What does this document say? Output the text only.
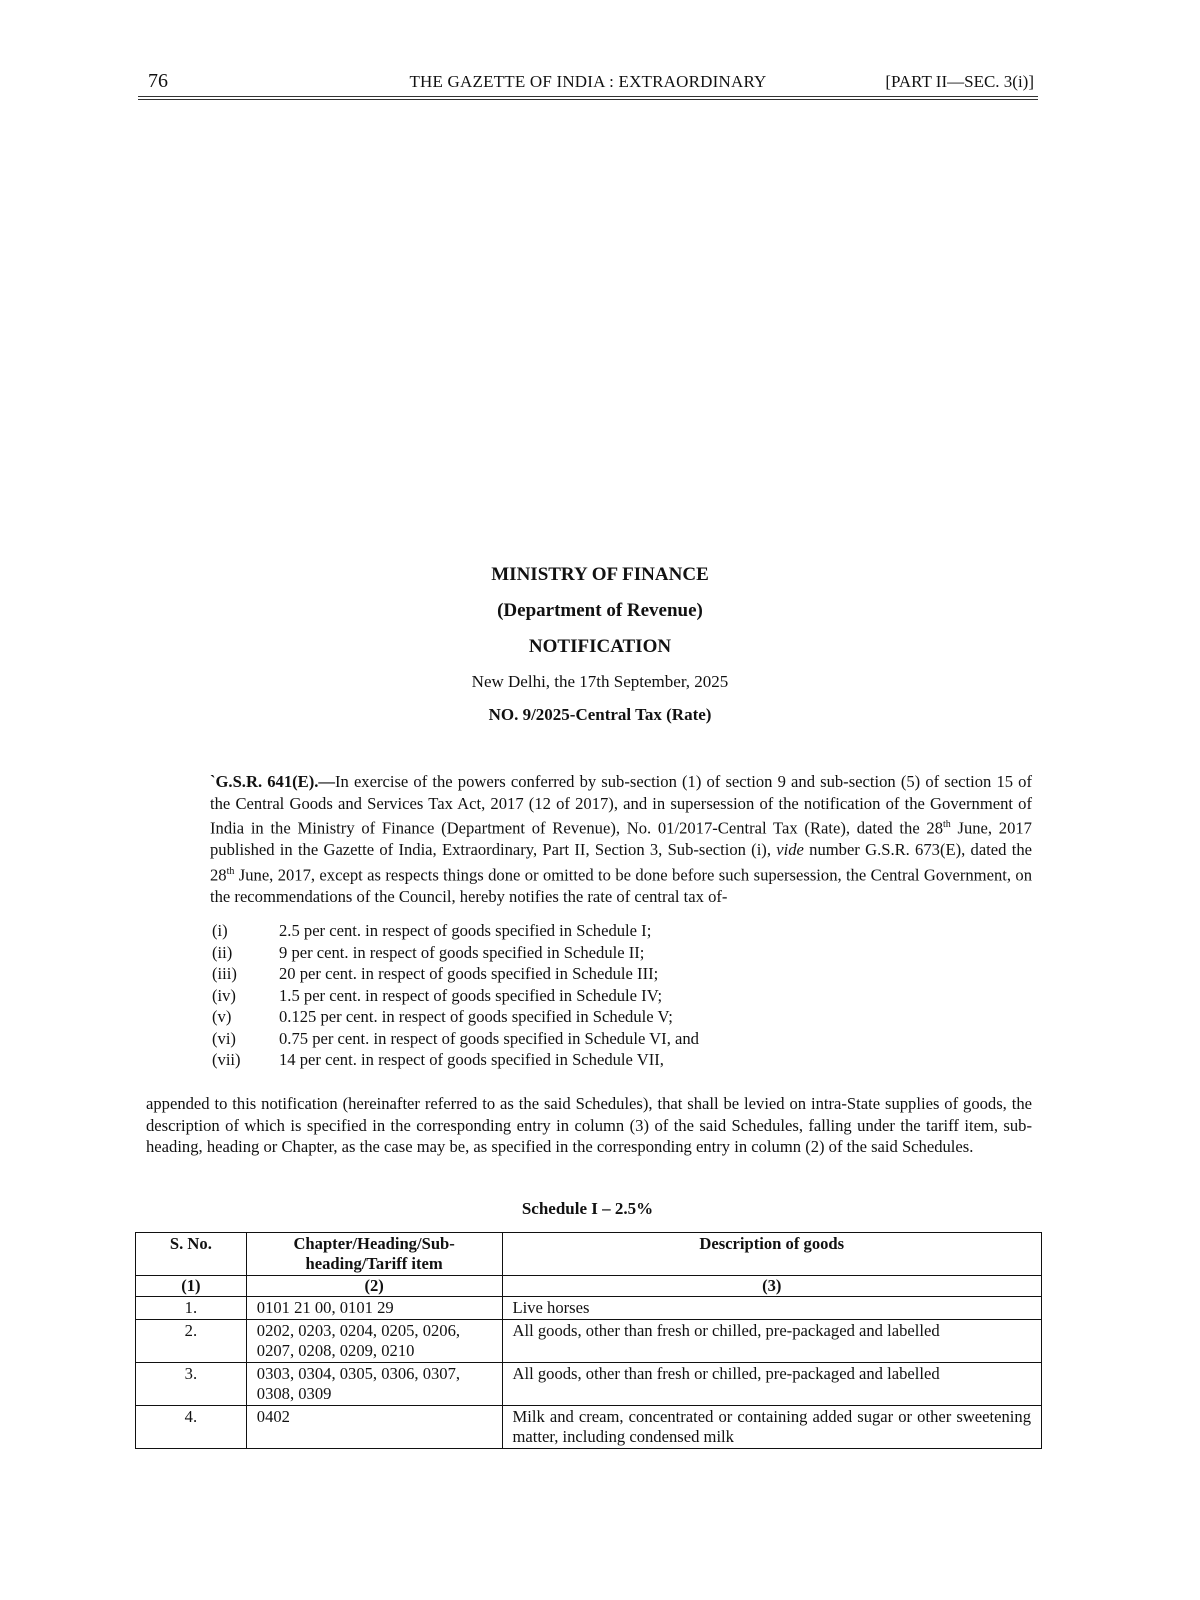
76	THE GAZETTE OF INDIA : EXTRAORDINARY	[PART II—SEC. 3(i)]

MINISTRY OF FINANCE

(Department of Revenue)

NOTIFICATION

New Delhi, the 17th September, 2025

NO. 9/2025-Central Tax (Rate)

`G.S.R. 641(E).—In exercise of the powers conferred by sub-section (1) of section 9 and sub-section (5) of section 15 of the Central Goods and Services Tax Act, 2017 (12 of 2017), and in supersession of the notification of the Government of India in the Ministry of Finance (Department of Revenue), No. 01/2017-Central Tax (Rate), dated the 28th June, 2017 published in the Gazette of India, Extraordinary, Part II, Section 3, Sub-section (i), vide number G.S.R. 673(E), dated the 28th June, 2017, except as respects things done or omitted to be done before such supersession, the Central Government, on the recommendations of the Council, hereby notifies the rate of central tax of-

(i)	2.5 per cent. in respect of goods specified in Schedule I;
(ii)	9 per cent. in respect of goods specified in Schedule II;
(iii)	20 per cent. in respect of goods specified in Schedule III;
(iv)	1.5 per cent. in respect of goods specified in Schedule IV;
(v)	0.125 per cent. in respect of goods specified in Schedule V;
(vi)	0.75 per cent. in respect of goods specified in Schedule VI, and
(vii)	14 per cent. in respect of goods specified in Schedule VII,

appended to this notification (hereinafter referred to as the said Schedules), that shall be levied on intra-State supplies of goods, the description of which is specified in the corresponding entry in column (3) of the said Schedules, falling under the tariff item, sub-heading, heading or Chapter, as the case may be, as specified in the corresponding entry in column (2) of the said Schedules.

Schedule I – 2.5%
S. No.	Chapter/Heading/Sub-heading/Tariff item	Description of goods
(1)	(2)	(3)
1.	0101 21 00, 0101 29	Live horses
2.	0202, 0203, 0204, 0205, 0206, 0207, 0208, 0209, 0210	All goods, other than fresh or chilled, pre-packaged and labelled
3.	0303, 0304, 0305, 0306, 0307, 0308, 0309	All goods, other than fresh or chilled, pre-packaged and labelled
4.	0402	Milk and cream, concentrated or containing added sugar or other sweetening matter, including condensed milk
